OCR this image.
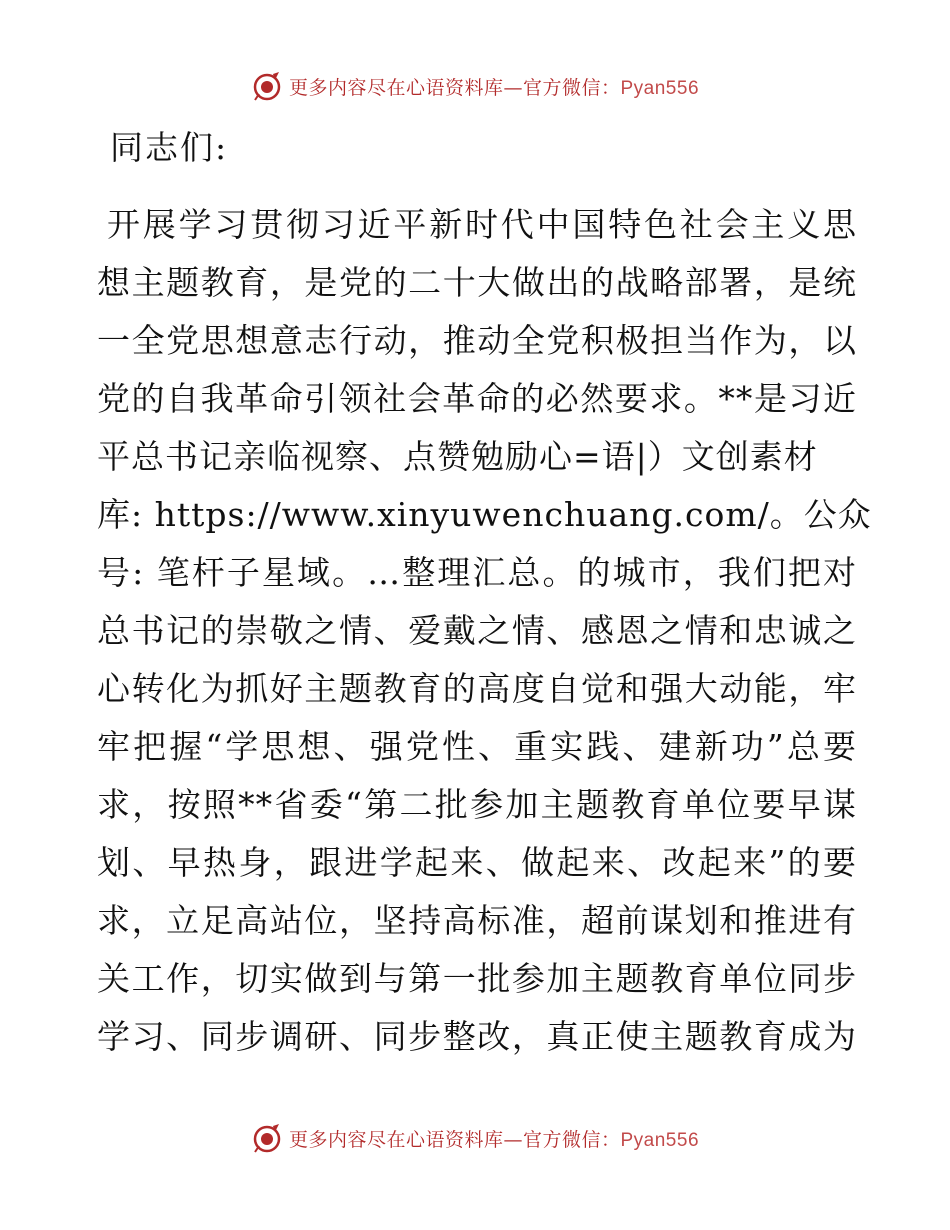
更多内容尽在心语资料库—官方微信：Pyan556
同志们:
开展学习贯彻习近平新时代中国特色社会主义思
想主题教育，是党的二十大做出的战略部署，是统
一全党思想意志行动，推动全党积极担当作为，以
党的自我革命引领社会革命的必然要求。**是习近
平总书记亲临视察、点赞勉励心=语|）文创素材
库: https://www.xinyuwenchuang.com/。公众
号: 笔杆子星域。…整理汇总。的城市，我们把对
总书记的崇敬之情、爱戴之情、感恩之情和忠诚之
心转化为抓好主题教育的高度自觉和强大动能，牢
牢把握“学思想、强党性、重实践、建新功”总要
求，按照**省委“第二批参加主题教育单位要早谋
划、早热身，跟进学起来、做起来、改起来”的要
求，立足高站位，坚持高标准，超前谋划和推进有
关工作，切实做到与第一批参加主题教育单位同步
学习、同步调研、同步整改，真正使主题教育成为
更多内容尽在心语资料库—官方微信：Pyan556
